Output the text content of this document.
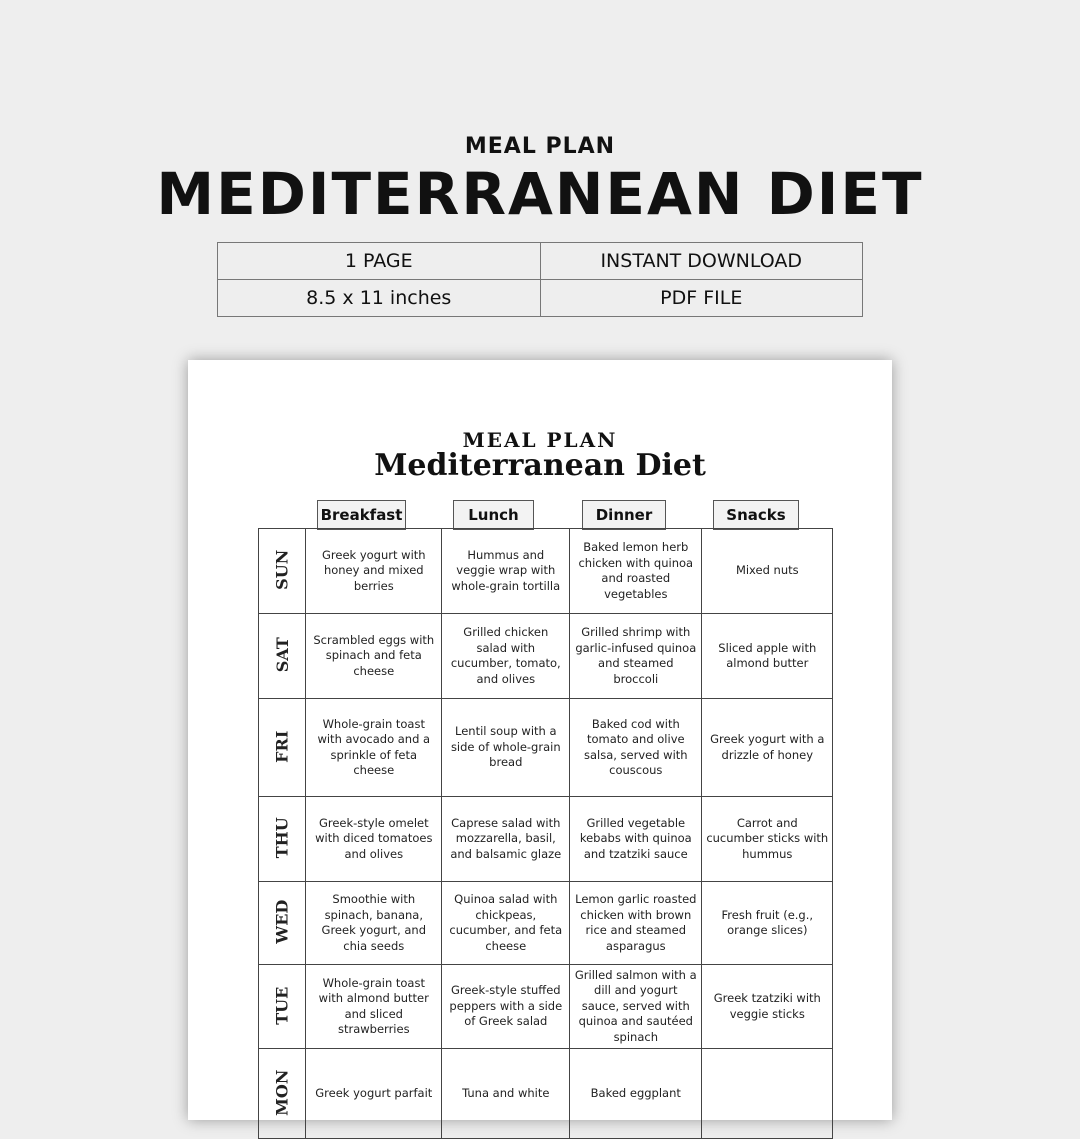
MEAL PLAN
MEDITERRANEAN DIET
1 PAGE	INSTANT DOWNLOAD
8.5 x 11 inches	PDF FILE
MEAL PLAN
Mediterranean Diet
Breakfast	Lunch	Dinner	Snacks
SUN	Greek yogurt with honey and mixed berries	Hummus and veggie wrap with whole-grain tortilla	Baked lemon herb chicken with quinoa and roasted vegetables	Mixed nuts
SAT	Scrambled eggs with spinach and feta cheese	Grilled chicken salad with cucumber, tomato, and olives	Grilled shrimp with garlic-infused quinoa and steamed broccoli	Sliced apple with almond butter
FRI	Whole-grain toast with avocado and a sprinkle of feta cheese	Lentil soup with a side of whole-grain bread	Baked cod with tomato and olive salsa, served with couscous	Greek yogurt with a drizzle of honey
THU	Greek-style omelet with diced tomatoes and olives	Caprese salad with mozzarella, basil, and balsamic glaze	Grilled vegetable kebabs with quinoa and tzatziki sauce	Carrot and cucumber sticks with hummus
WED	Smoothie with spinach, banana, Greek yogurt, and chia seeds	Quinoa salad with chickpeas, cucumber, and feta cheese	Lemon garlic roasted chicken with brown rice and steamed asparagus	Fresh fruit (e.g., orange slices)
TUE	Whole-grain toast with almond butter and sliced strawberries	Greek-style stuffed peppers with a side of Greek salad	Grilled salmon with a dill and yogurt sauce, served with quinoa and sautéed spinach	Greek tzatziki with veggie sticks
MON	Greek yogurt parfait	Tuna and white	Baked eggplant	
